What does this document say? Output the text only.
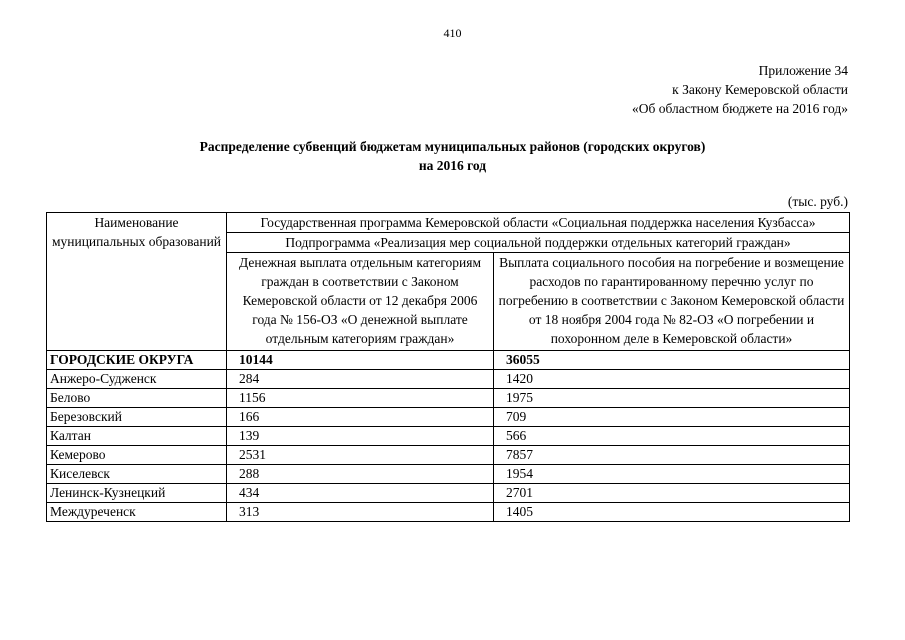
410
Приложение 34
к Закону Кемеровской области
«Об областном бюджете на 2016 год»
Распределение субвенций бюджетам муниципальных районов (городских округов)
на 2016 год
(тыс. руб.)
Наименование муниципальных образований	Государственная программа Кемеровской области «Социальная поддержка населения Кузбасса»	
	Подпрограмма «Реализация мер социальной поддержки отдельных категорий граждан»	
	Денежная выплата отдельным категориям граждан в соответствии с Законом Кемеровской области от 12 декабря 2006 года № 156-ОЗ «О денежной выплате отдельным категориям граждан»	Выплата социального пособия на погребение и возмещение расходов по гарантированному перечню услуг по погребению в соответствии с Законом Кемеровской области от 18 ноября 2004 года № 82-ОЗ «О погребении и похоронном деле в Кемеровской области»
ГОРОДСКИЕ ОКРУГА	10144	36055
Анжеро-Судженск	284	1420
Белово	1156	1975
Березовский	166	709
Калтан	139	566
Кемерово	2531	7857
Киселевск	288	1954
Ленинск-Кузнецкий	434	2701
Междуреченск	313	1405
